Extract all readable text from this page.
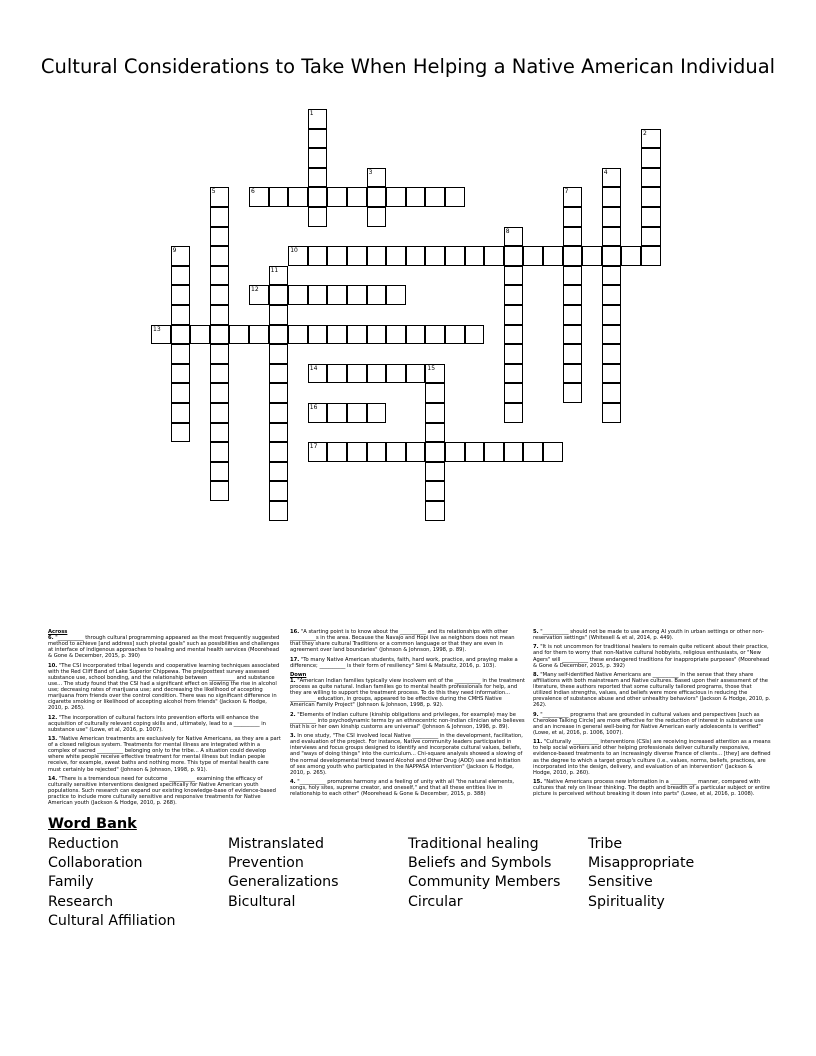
Cultural Considerations to Take When Helping a Native American Individual
1
2
3	4
5	6	7
8
9	10
11
12
13
14	15
16
17

Across

6. "__________ through cultural programming appeared as the most frequently suggested method to achieve [and address] such pivotal goals" such as possibilities and challenges at interface of indigenous approaches to healing and mental health services (Moorehead & Gone & December, 2015, p. 390)

10. "The CSI incorporated tribal legends and cooperative learning techniques associated with the Red Cliff Band of Lake Superior Chippewa. The pre/posttest survey assessed substance use, school bonding, and the relationship between __________ and substance use... The study found that the CSI had a significant effect on slowing the rise in alcohol use; decreasing rates of marijuana use; and decreasing the likelihood of accepting marijuana from friends over the control condition. There was no significant difference in cigarette smoking or likelihood of accepting alcohol from friends" (Jackson & Hodge, 2010, p. 265).

12. "The incorporation of cultural factors into prevention efforts will enhance the acquisition of culturally relevant coping skills and, ultimately, lead to a __________ in substance use" (Lowe, et al, 2016, p. 1007).

13. "Native American treatments are exclusively for Native Americans, as they are a part of a closed religious system. Treatments for mental illness are integrated within a complex of sacred __________ belonging only to the tribe... A situation could develop where white people receive effective treatment for mental illness but Indian people receive, for example, sweat baths and nothing more. This type of mental health care must certainly be rejected" (Johnson & Johnson, 1998, p. 91).

14. "There is a tremendous need for outcome __________ examining the efficacy of culturally sensitive interventions designed specifically for Native American youth populations. Such research can expand our existing knowledge-base of evidence-based practice to include more culturally sensitive and responsive treatments for Native American youth (Jackson & Hodge, 2010, p. 268).

16. "A starting point is to know about the __________ and its relationships with other __________s in the area. Because the Navajo and Hopi live as neighbors does not mean that they share cultural Traditions or a common language or that they are even in agreement over land boundaries" (Johnson & Johnson, 1998, p. 89).

17. "To many Native American students, faith, hard work, practice, and praying make a difference; __________ is their form of resiliency" Simi & Matsuitz, 2016, p. 103).

Down

1. "American Indian families typically view incolvem ent of the __________ in the treatment process as quite natural. Indian families go to mental health professionals for help, and they are willing to support the treatment process. To do this they need information... __________ education, in groups, appeared to be effective during the CMHS Native American Family Project" (Johnson & Johnson, 1998, p. 92).

2. "Elements of Indian culture (kinship obligations and privileges, for example) may be __________ into psychodynamic terms by an ethnocentric non-Indian clinician who believes that his or her own kinship customs are universal" (Johnson & Johnson, 1998, p. 89).

3. In one study, "The CSI involved local Native __________ in the development, facilitation, and evaluation of the project. For instance, Native community leaders participated in interviews and focus groups designed to identify and incorporate cultural values, beliefs, and "ways of doing things" into the curriculum... Chi-square analysis showed a slowing of the normal developmental trend toward Alcohol and Other Drug (AOD) use and initiation of sex among youth who participated in the NAPPASA intervention" (Jackson & Hodge, 2010, p. 265).

4. "__________ promotes harmony and a feeling of unity with all "the natural elements, songs, holy sites, supreme creator, and oneself," and that all these entities live in relationship to each other" (Moorehead & Gone & December, 2015, p. 388)

5. "__________ should not be made to use among AI youth in urban settings or other non-reservation settings" (Whitesell & et al, 2014, p. 449).

7. "It is not uncommon for traditional healers to remain quite reticent about their practice, and for them to worry that non-Native cultural hobbyists, religious enthusiasts, or "New Agers" will __________ these endangered traditions for inappropriate purposes" (Moorehead & Gone & December, 2015, p. 392)

8. "Many self-identified Native Americans are __________ in the sense that they share affiliations with both mainstream and Native cultures. Based upon their assessment of the literature, these authors reported that some culturally tailored programs, those that utilized Indian strengths, values, and beliefs were more efficacious in reducing the prevalence of substance abuse and other unhealthy behaviors" (Jackson & Hodge, 2010, p. 262).

9. "__________ programs that are grounded in cultural values and perspectives [such as Cherokee Talking Circle] are more effective for the reduction of interest in substance use and an increase in general well-being for Native American early adolescents is verified" (Lowe, et al, 2016, p. 1006, 1007).

11. "Culturally __________ interventions (CSIs) are receiving increased attention as a means to help social workers and other helping professionals deliver culturally responsive, evidence-based treatments to an increasingly diverse France of clients... [they] are defined as the degree to which a target group's culture (i.e., values, norms, beliefs, practices, are incorporated into the design, delivery, and evaluation of an intervention" (Jackson & Hodge, 2010, p. 260).

15. "Native Americans process new information in a __________ manner, compared with cultures that rely on linear thinking. The depth and breadth of a particular subject or entire picture is perceived without breaking it down into parts" (Lowe, et al, 2016, p. 1008).

Word Bank
Reduction
Collaboration
Family
Research
Cultural Affiliation
Mistranslated
Prevention
Generalizations
Bicultural
Traditional healing
Beliefs and Symbols
Community Members
Circular
Tribe
Misappropriate
Sensitive
Spirituality
